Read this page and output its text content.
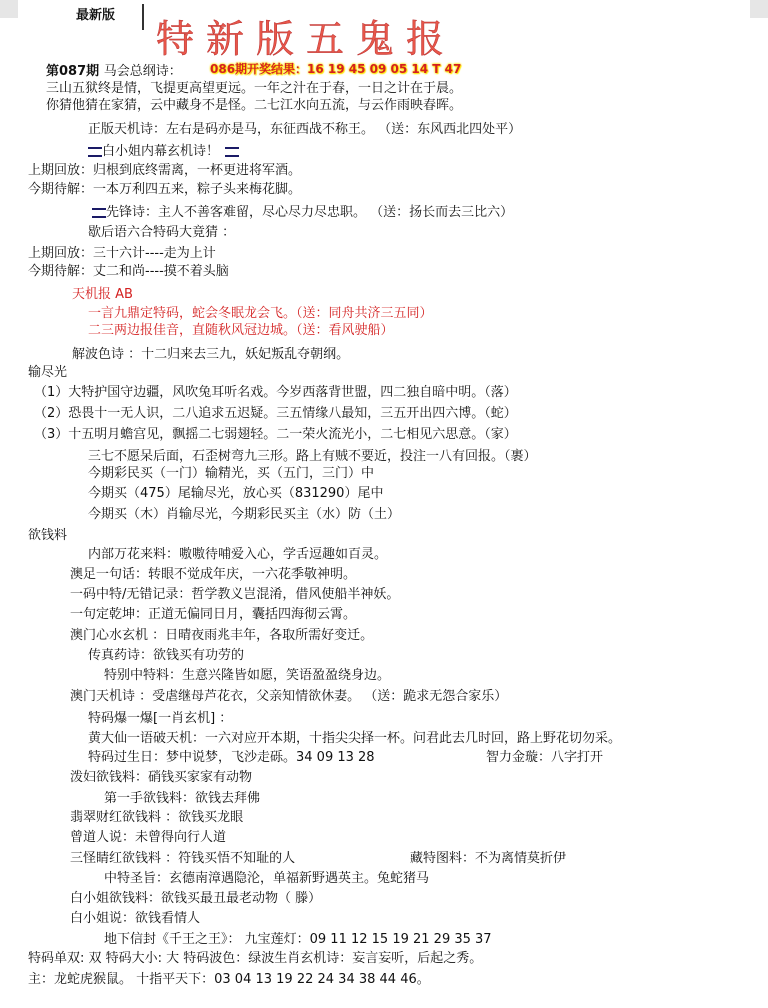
最新版
特新版五鬼报
第087期 马会总纲诗： 086期开奖结果：16 19 45 09 05 14 T 47
三山五狱终是情，飞提更高望更远。一年之汁在于春，一日之计在于晨。
你猜他猜在家猜，云中藏身不是怪。二七江水向五流，与云作雨映春晖。
正版天机诗：左右是码亦是马，东征西战不称王。 （送：东风西北四处平）
白小姐内幕玄机诗！
上期回放：归根到底终需离，一杯更进将军酒。
今期待解：一本万利四五来，粽子头来梅花脚。
先锋诗：主人不善客难留，尽心尽力尽忠职。 （送：扬长而去三比六）
歇后语六合特码大竟猜 ：
上期回放：三十六计----走为上计
今期待解：丈二和尚----摸不着头脑
天机报 AB
一言九鼎定特码，蛇会冬眠龙会飞。（送：同舟共济三五同）
二三两边报佳音，直随秋风冠边城。（送：看风驶船）
解波色诗 ：十二归来去三九，妖妃叛乱夺朝纲。
输尽光
（1）大特护国守边疆，风吹兔耳听名戏。今岁西落背世盟，四二独自暗中明。（落）
（2）恐畏十一无人识，二八追求五迟疑。三五情缘八最知，三五开出四六博。（蛇）
（3）十五明月蟾宫见，飘摇二七弱翅轻。二一荣火流光小，二七相见六思意。（家）
三七不愿呆后面，石歪树弯九三形。路上有贼不要近，投注一八有回报。（裹）
今期彩民买（一门）输精光，买（五门，三门）中
今期买（475）尾输尽光，放心买（831290）尾中
今期买（木）肖输尽光，今期彩民买主（水）防（土）
欲钱料
内部万花来料：嗷嗷待哺爱入心，学舌逗趣如百灵。
澳足一句话：转眼不觉成年庆，一六花季敬神明。
一码中特/无错记录：哲学教义岂混淆，借风使船半神妖。
一句定乾坤：正道无偏同日月，囊括四海彻云霄。
澳门心水玄机 ：日晴夜雨兆丰年，各取所需好变迁。
传真药诗：欲钱买有功劳的
特别中特料：生意兴隆皆如愿，笑语盈盈绕身边。
澳门天机诗 ：受虐继母芦花衣，父亲知情欲休妻。 （送：跪求无怨合家乐）
特码爆一爆[一肖玄机] ：
黄大仙一语破天机：一六对应开本期，十指尖尖择一杯。问君此去几时回，路上野花切勿采。
特码过生日：梦中说梦，飞沙走砾。34 09 13 28	智力金璇：八字打开
泼妇欲钱料：硝钱买家家有动物
第一手欲钱料：欲钱去拜佛
翡翠财红欲钱料 ：欲钱买龙眼
曾道人说：未曾得向行人道
三怪睛红欲钱料 ：符钱买悟不知耻的人	藏特图料：不为离情莫折伊
中特圣旨：玄德南漳遇隐沦，单福新野遇英主。兔蛇猪马
白小姐欲钱料：欲钱买最丑最老动物（ 滕）
白小姐说：欲钱看情人
地下信封《千王之王》： 九宝莲灯：09 11 12 15 19 21 29 35 37
特码单双: 双 特码大小: 大 特码波色：绿波生肖玄机诗：妄言妄听，后起之秀。
主：龙蛇虎猴鼠。 十指平天下：03 04 13 19 22 24 34 38 44 46。
